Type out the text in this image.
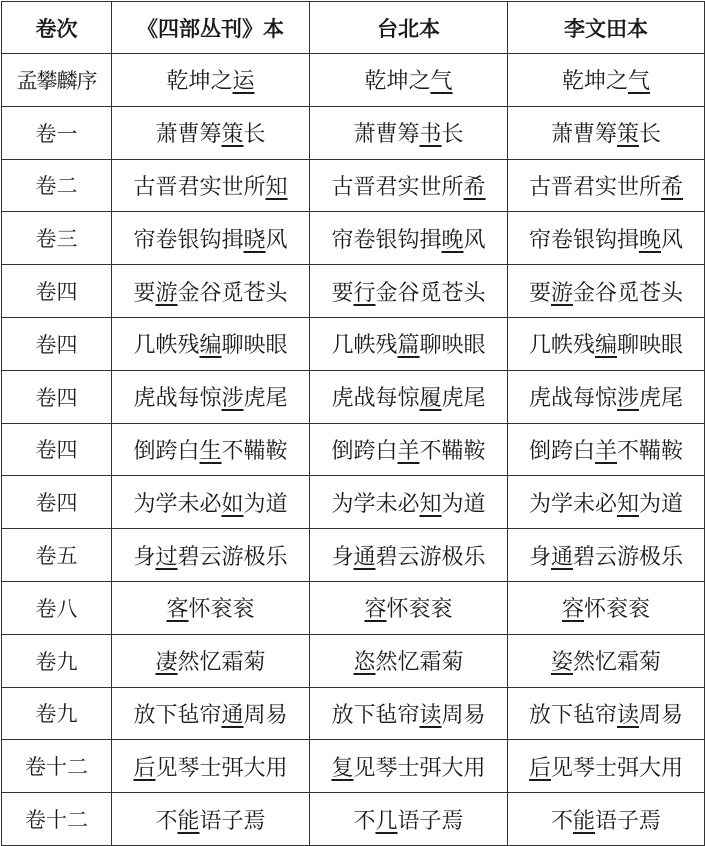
卷次	《四部丛刊》本	台北本	李文田本
孟攀麟序	乾坤之运	乾坤之气	乾坤之气
卷一	萧曹筹策长	萧曹筹书长	萧曹筹策长
卷二	古晋君实世所知	古晋君实世所希	古晋君实世所希
卷三	帘卷银钩揖晓风	帘卷银钩揖晚风	帘卷银钩揖晚风
卷四	要游金谷觅苍头	要行金谷觅苍头	要游金谷觅苍头
卷四	几帙残编聊映眼	几帙残篇聊映眼	几帙残编聊映眼
卷四	虎战每惊涉虎尾	虎战每惊履虎尾	虎战每惊涉虎尾
卷四	倒跨白生不鞴鞍	倒跨白羊不鞴鞍	倒跨白羊不鞴鞍
卷四	为学未必如为道	为学未必知为道	为学未必知为道
卷五	身过碧云游极乐	身通碧云游极乐	身通碧云游极乐
卷八	客怀衮衮	容怀衮衮	容怀衮衮
卷九	凄然忆霜菊	恣然忆霜菊	姿然忆霜菊
卷九	放下毡帘通周易	放下毡帘读周易	放下毡帘读周易
卷十二	后见琴士弭大用	复见琴士弭大用	后见琴士弭大用
卷十二	不能语子焉	不几语子焉	不能语子焉
